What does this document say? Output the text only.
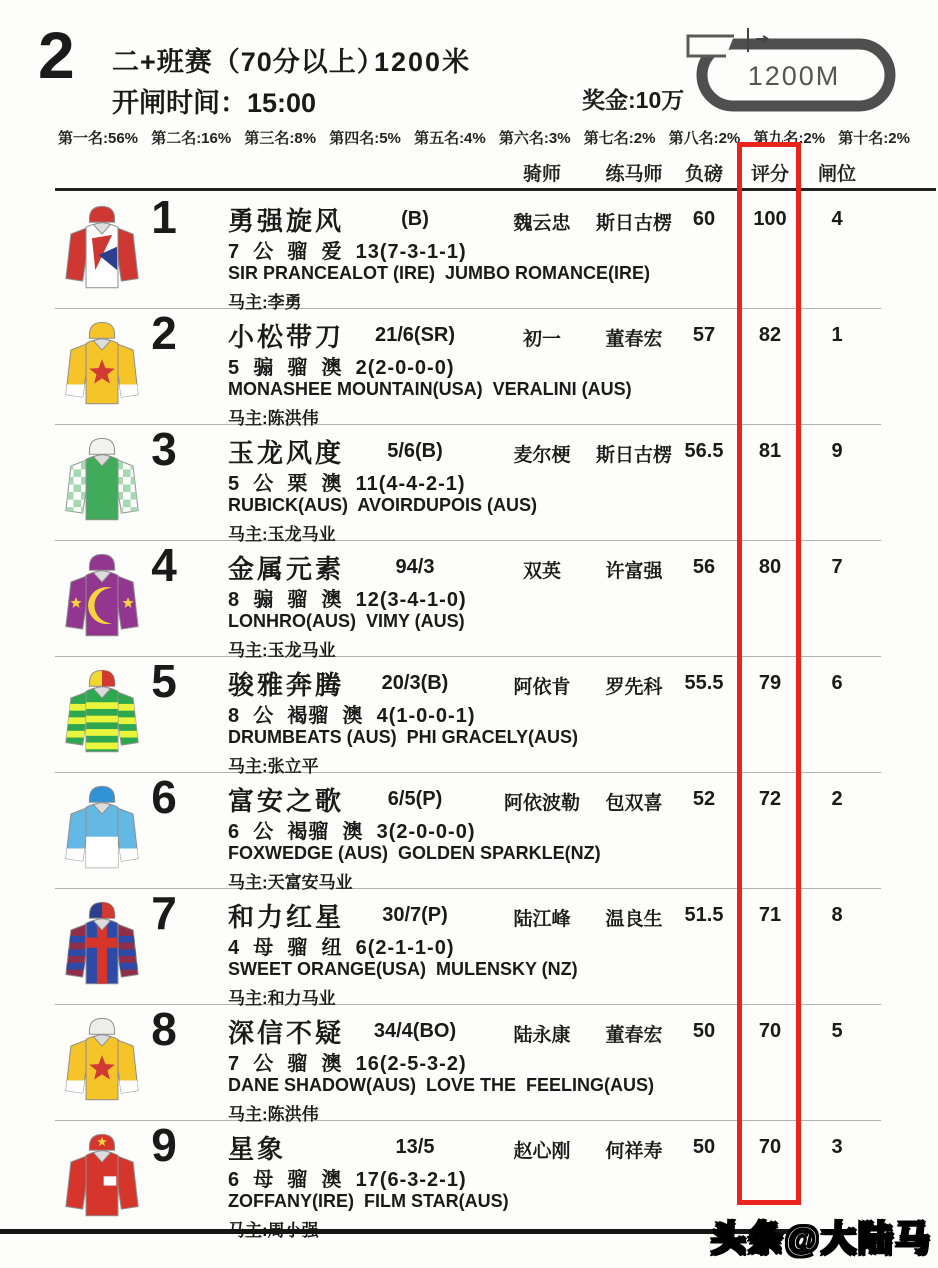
2 二+班赛（70分以上）
1200米
开闸时间：15:00	奖金:10万
1200M
第一名:56% 第二名:16% 第三名:8% 第四名:5% 第五名:4% 第六名:3% 第七名:2% 第八名:2% 第九名:2% 第十名:2%
骑师	练马师	负磅	评分	闸位
1	勇强旋风	(B)	魏云忠	斯日古楞	60	100	4
7  公  骝  爱  13(7-3-1-1)
SIR PRANCEALOT (IRE)  JUMBO ROMANCE(IRE)
马主:李勇
2	小松带刀	21/6(SR)	初一	董春宏	57	82	1
5  骟  骝  澳  2(2-0-0-0)
MONASHEE MOUNTAIN(USA)  VERALINI (AUS)
马主:陈洪伟
3	玉龙风度	5/6(B)	麦尔梗	斯日古楞 56.5	81	9
5  公  栗  澳  11(4-4-2-1)
RUBICK(AUS)  AVOIRDUPOIS (AUS)
马主:玉龙马业
4	金属元素	94/3	双英	许富强	56	80	7
8  骟  骝  澳  12(3-4-1-0)
LONHRO(AUS)  VIMY (AUS)
马主:玉龙马业
5	骏雅奔腾	20/3(B)	阿依肯	罗先科	55.5	79	6
8  公  褐骝  澳  4(1-0-0-1)
DRUMBEATS (AUS)  PHI GRACELY(AUS)
马主:张立平
6	富安之歌	6/5(P)	阿依波勒	包双喜	52	72	2
6  公  褐骝  澳  3(2-0-0-0)
FOXWEDGE (AUS)  GOLDEN SPARKLE(NZ)
马主:天富安马业
7	和力红星	30/7(P)	陆江峰	温良生	51.5	71	8
4  母  骝  纽  6(2-1-1-0)
SWEET ORANGE(USA)  MULENSKY (NZ)
马主:和力马业
8	深信不疑	34/4(BO)	陆永康	董春宏	50	70	5
7  公  骝  澳  16(2-5-3-2)
DANE SHADOW(AUS)  LOVE THE  FEELING(AUS)
马主:陈洪伟
9	星象	13/5	赵心刚	何祥寿	50	70	3
6  母  骝  澳  17(6-3-2-1)
ZOFFANY(IRE)  FILM STAR(AUS)
头条@大陆马
